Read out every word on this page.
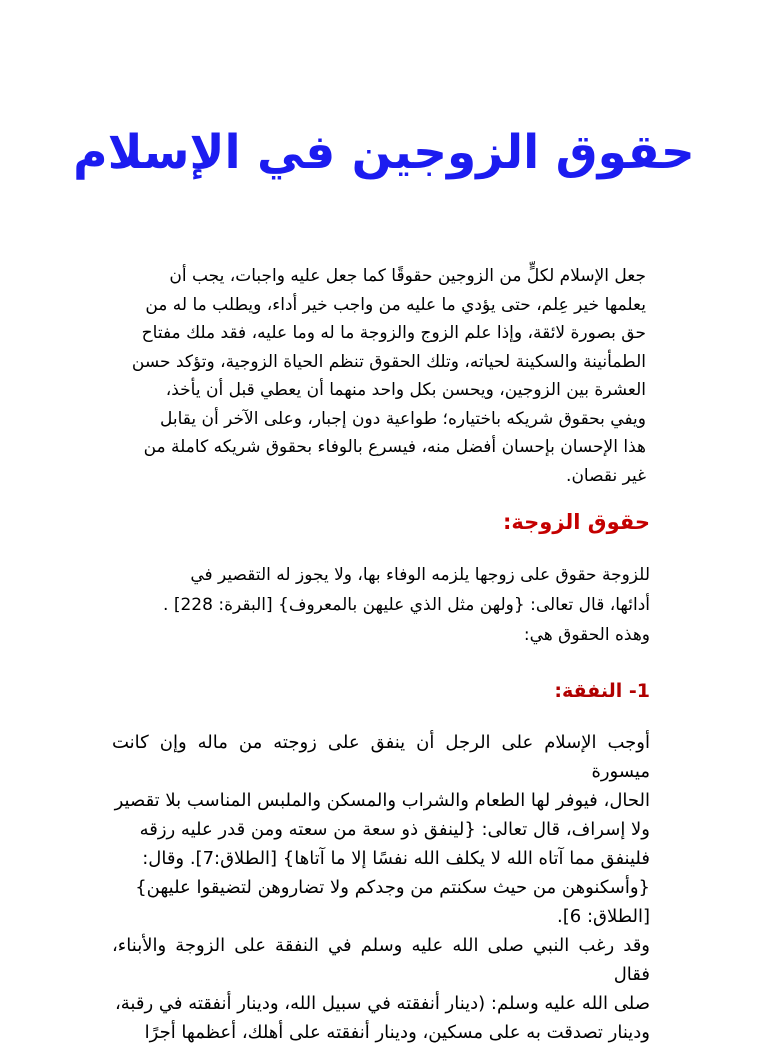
حقوق الزوجين في الإسلام

جعل الإسلام لكلٍّ من الزوجين حقوقًا كما جعل عليه واجبات، يجب أن
يعلمها خير عِلم، حتى يؤدي ما عليه من واجب خير أداء، ويطلب ما له من
حق بصورة لائقة، وإذا علم الزوج والزوجة ما له وما عليه، فقد ملك مفتاح
الطمأنينة والسكينة لحياته، وتلك الحقوق تنظم الحياة الزوجية، وتؤكد حسن
العشرة بين الزوجين، ويحسن بكل واحد منهما أن يعطي قبل أن يأخذ،
ويفي بحقوق شريكه باختياره؛ طواعية دون إجبار، وعلى الآخر أن يقابل
هذا الإحسان بإحسان أفضل منه، فيسرع بالوفاء بحقوق شريكه كاملة من
غير نقصان.

حقوق الزوجة:

للزوجة حقوق على زوجها يلزمه الوفاء بها، ولا يجوز له التقصير في
أدائها، قال تعالى: {ولهن مثل الذي عليهن بالمعروف} [البقرة: 228] .
وهذه الحقوق هي:

1- النفقة:

أوجب الإسلام على الرجل أن ينفق على زوجته من ماله وإن كانت ميسورة
الحال، فيوفر لها الطعام والشراب والمسكن والملبس المناسب بلا تقصير
ولا إسراف، قال تعالى: {لينفق ذو سعة من سعته ومن قدر عليه رزقه
فلينفق مما آتاه الله لا يكلف الله نفسًا إلا ما آتاها} [الطلاق:7]. وقال:
{وأسكنوهن من حيث سكنتم من وجدكم ولا تضاروهن لتضيقوا عليهن}
[الطلاق: 6].
وقد رغب النبي صلى الله عليه وسلم في النفقة على الزوجة والأبناء، فقال
صلى الله عليه وسلم: (دينار أنفقته في سبيل الله، ودينار أنفقته في رقبة،
ودينار تصدقت به على مسكين، ودينار أنفقته على أهلك، أعظمها أجرًا
